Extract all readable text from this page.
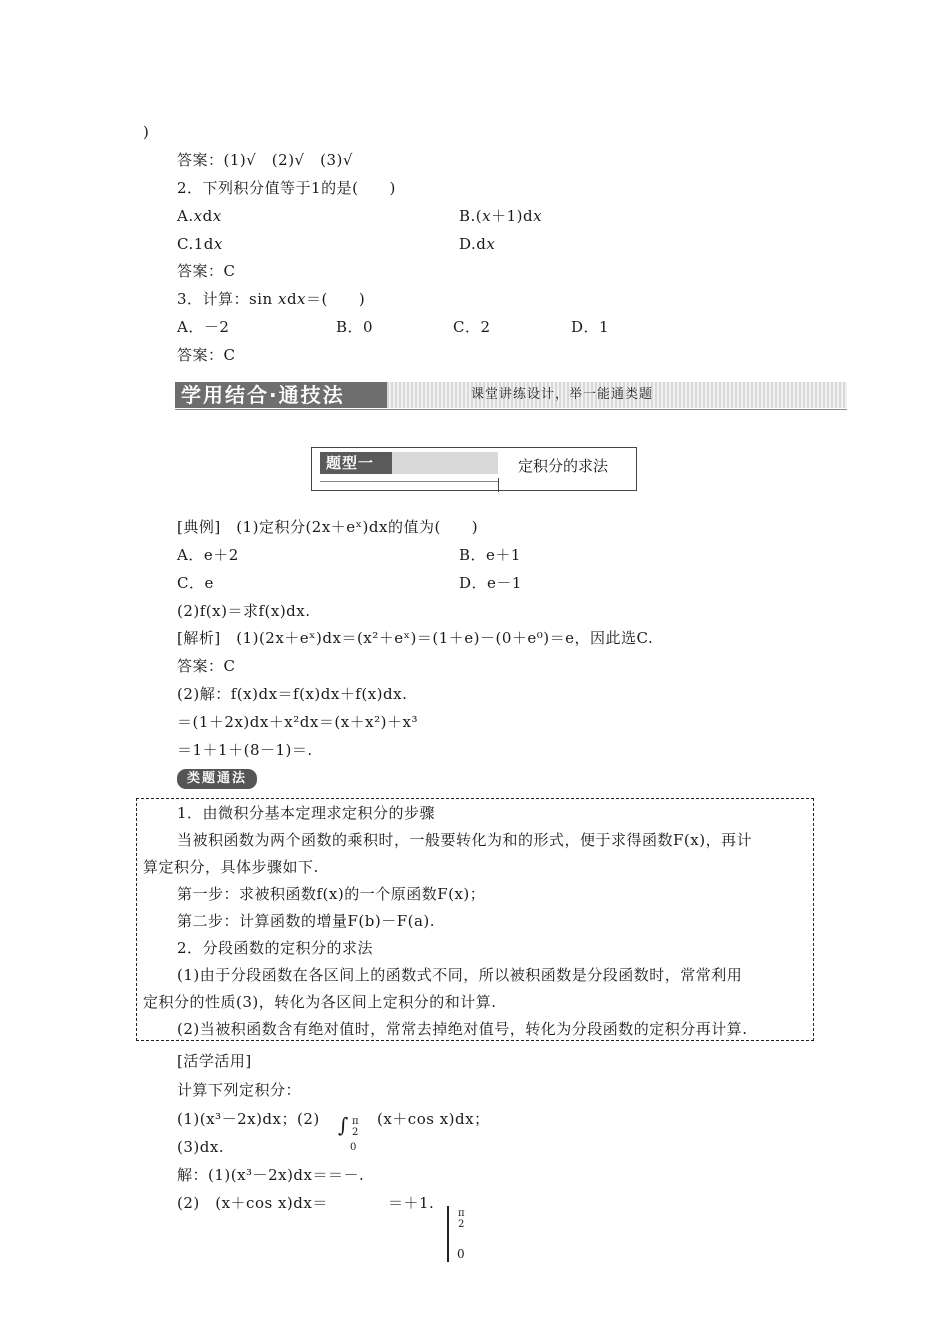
)
答案：(1)√　(2)√　(3)√
2．下列积分值等于1的是(　　)
A.xdx	B.(x＋1)dx
C.1dx	D.dx
答案：C
3．计算：sin xdx＝(　　)
A．－2	B．0	C．2	D．1
答案：C
学用结合·通技法	课堂讲练设计，举一能通类题
题型一	定积分的求法
[典例]　(1)定积分(2x＋eˣ)dx的值为(　　)
A．e＋2	B．e＋1
C．e	D．e－1
(2)f(x)＝求f(x)dx.
[解析]　(1)(2x＋eˣ)dx＝(x²＋eˣ)＝(1＋e)－(0＋e⁰)＝e，因此选C.
答案：C
(2)解：f(x)dx＝f(x)dx＋f(x)dx.
＝(1＋2x)dx＋x²dx＝(x＋x²)＋x³
＝1＋1＋(8－1)＝.
类题通法
1．由微积分基本定理求定积分的步骤
当被积函数为两个函数的乘积时，一般要转化为和的形式，便于求得函数F(x)，再计
算定积分，具体步骤如下.
第一步：求被积函数f(x)的一个原函数F(x)；
第二步：计算函数的增量F(b)－F(a).
2．分段函数的定积分的求法
(1)由于分段函数在各区间上的函数式不同，所以被积函数是分段函数时，常常利用
定积分的性质(3)，转化为各区间上定积分的和计算.
(2)当被积函数含有绝对值时，常常去掉绝对值号，转化为分段函数的定积分再计算.
[活学活用]
计算下列定积分：
(1)(x³－2x)dx；(2) ∫ π
2
0
(x＋cos x)dx；
(3)dx.
解：(1)(x³－2x)dx＝＝－.
(2)　(x＋cos x)dx＝	＝＋1.
π
2
0
